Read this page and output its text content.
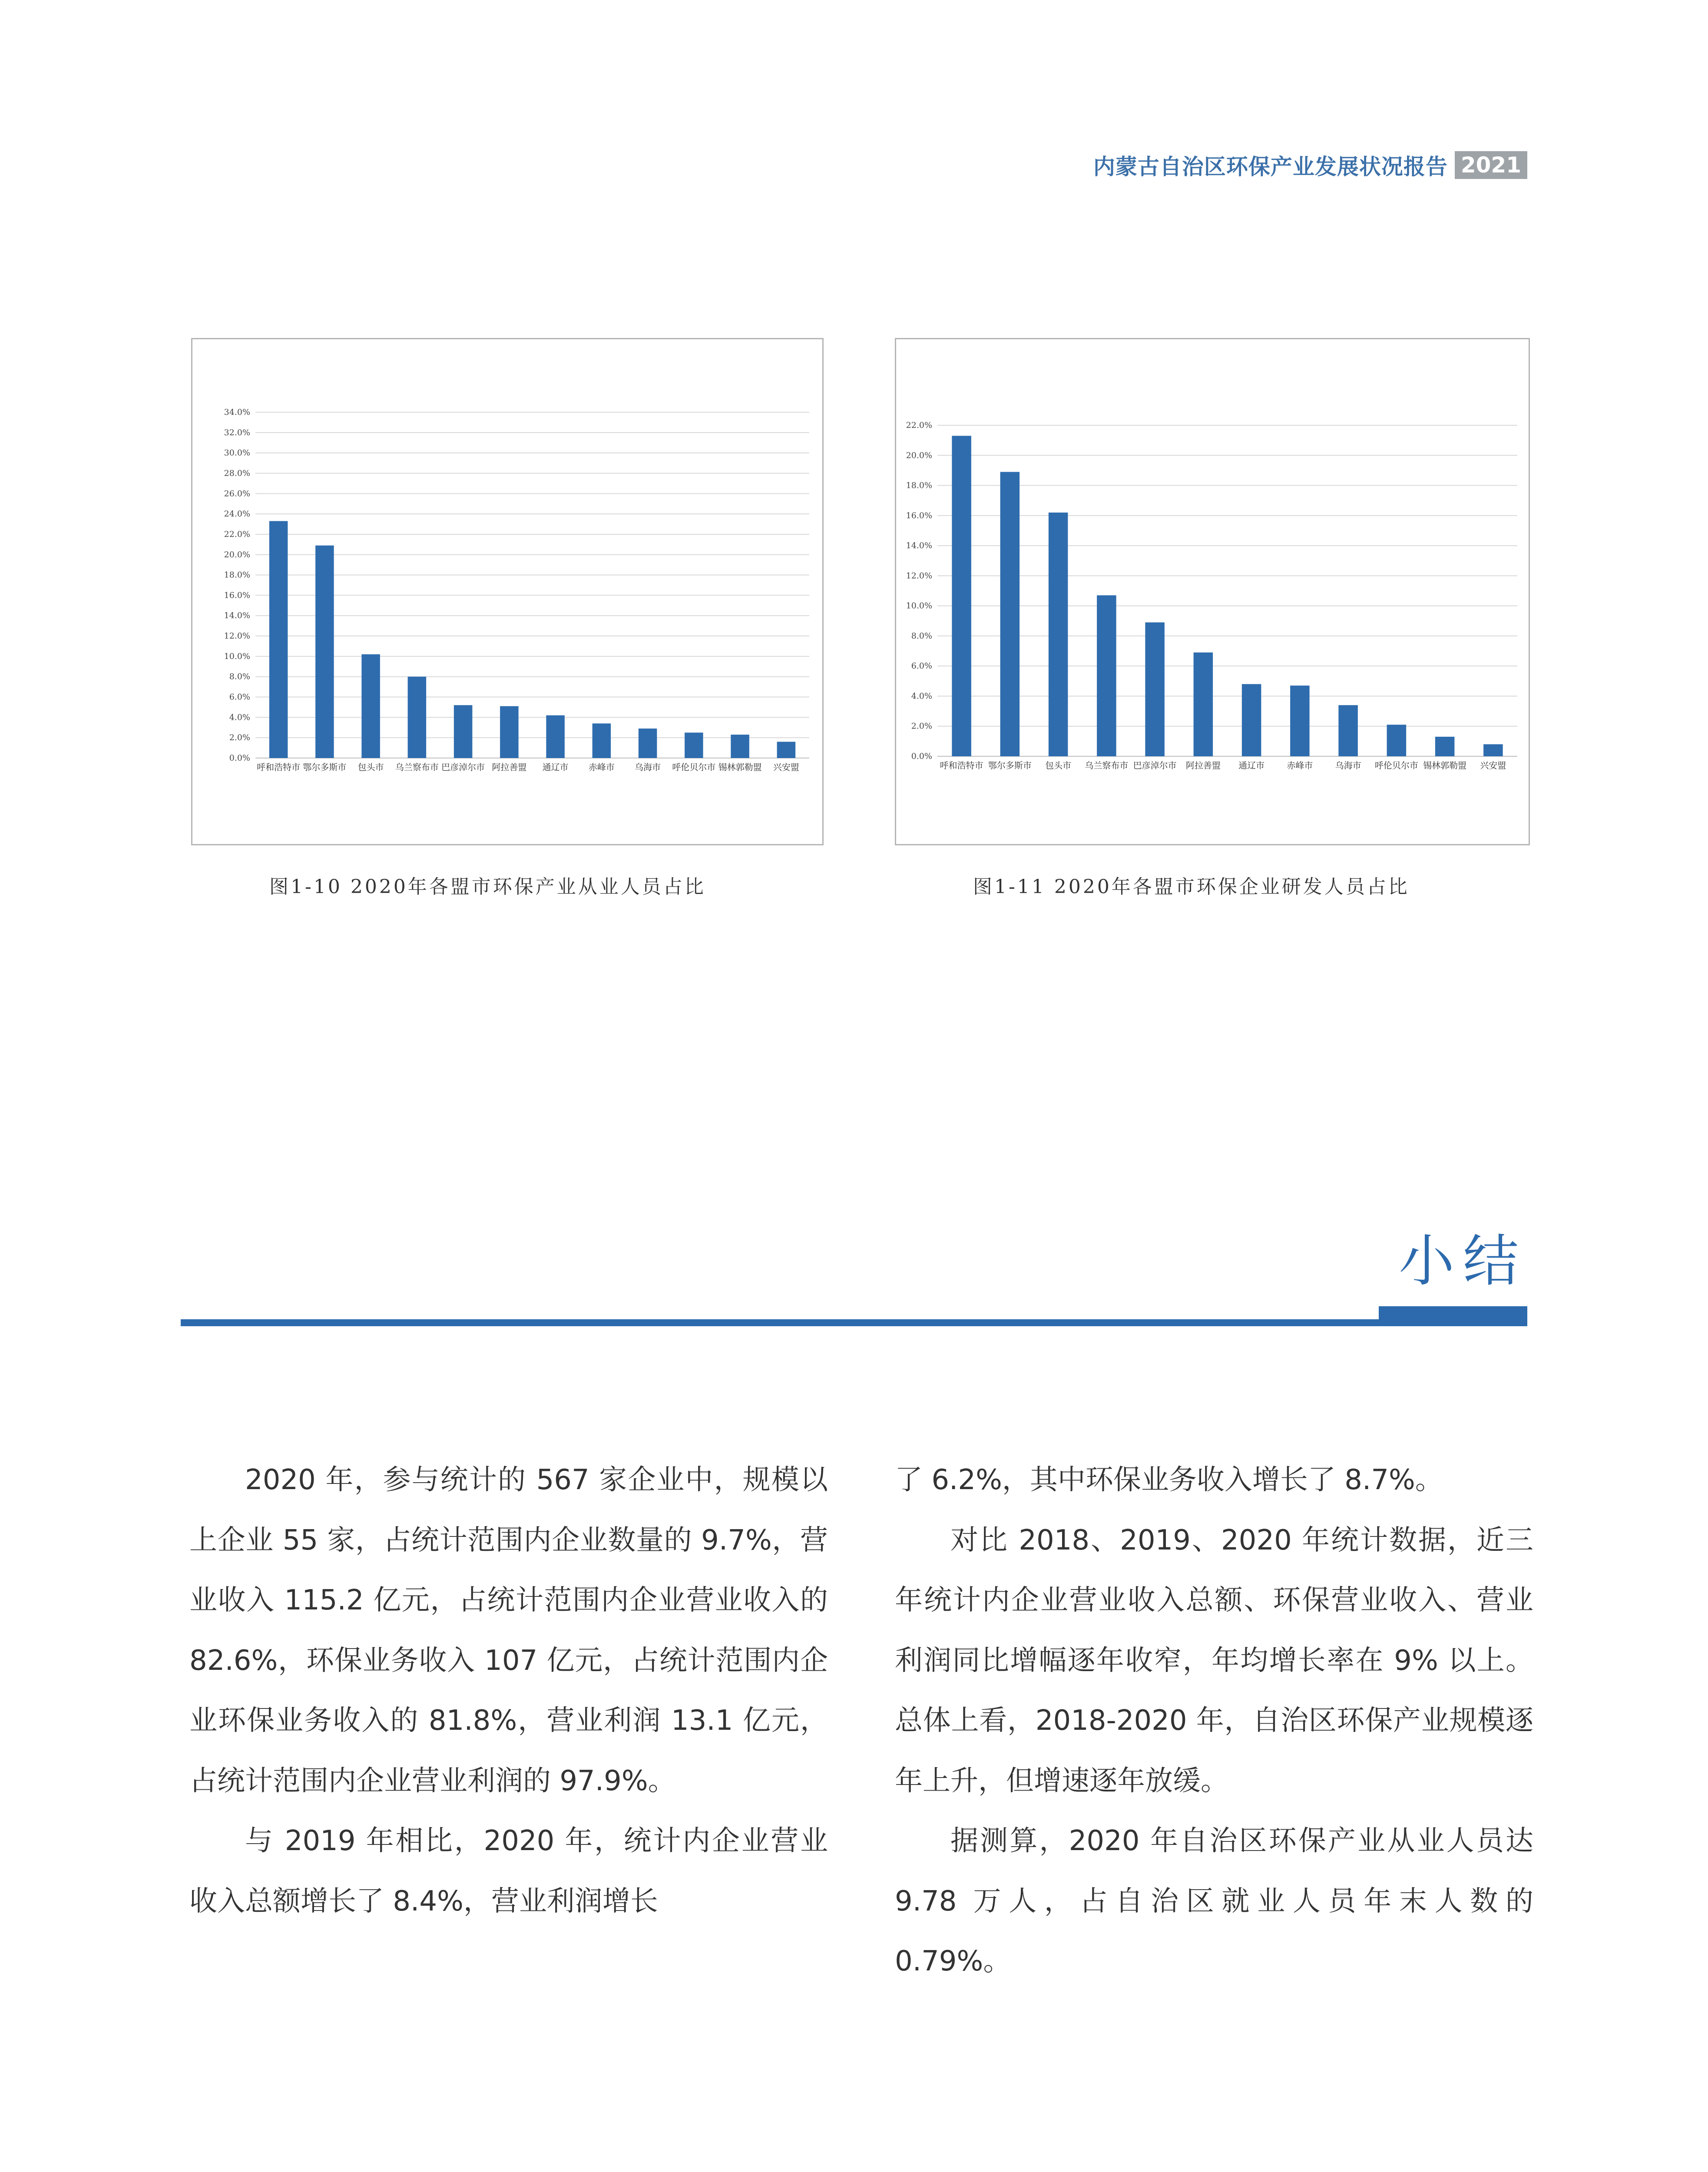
内蒙古自治区环保产业发展状况报告 2021
0.0%
2.0%
4.0%
6.0%
8.0%
10.0%
12.0%
14.0%
16.0%
18.0%
20.0%
22.0%
24.0%
26.0%
28.0%
30.0%
32.0%
34.0%
呼和浩特市 鄂尔多斯市 包头市 乌兰察布市 巴彦淖尔市 阿拉善盟 通辽市 赤峰市 乌海市 呼伦贝尔市 锡林郭勒盟 兴安盟
0.0%
2.0%
4.0%
6.0%
8.0%
10.0%
12.0%
14.0%
16.0%
18.0%
20.0%
22.0%
呼和浩特市 鄂尔多斯市 包头市 乌兰察布市 巴彦淖尔市 阿拉善盟 通辽市	赤峰市	乌海市 呼伦贝尔市 锡林郭勒盟 兴安盟
图1-10 2020年各盟市环保产业从业人员占比	图1-11 2020年各盟市环保企业研发人员占比
小结

2020 年，参与统计的 567 家企业中，规模以上企业 55 家，占统计范围内企业数量的 9.7%，营业收入 115.2 亿元，占统计范围内企业营业收入的 82.6%，环保业务收入 107 亿元，占统计范围内企业环保业务收入的 81.8%，营业利润 13.1 亿元，占统计范围内企业营业利润的 97.9%。

与 2019 年相比，2020 年，统计内企业营业收入总额增长了 8.4%，营业利润增长

了 6.2%，其中环保业务收入增长了 8.7%。

对比 2018、2019、2020 年统计数据，近三年统计内企业营业收入总额、环保营业收入、营业利润同比增幅逐年收窄，年均增长率在 9% 以上。总体上看，2018-2020 年，自治区环保产业规模逐年上升，但增速逐年放缓。

据测算，2020 年自治区环保产业从业人员达 9.78 万人，占自治区就业人员年末人数的 0.79%。
